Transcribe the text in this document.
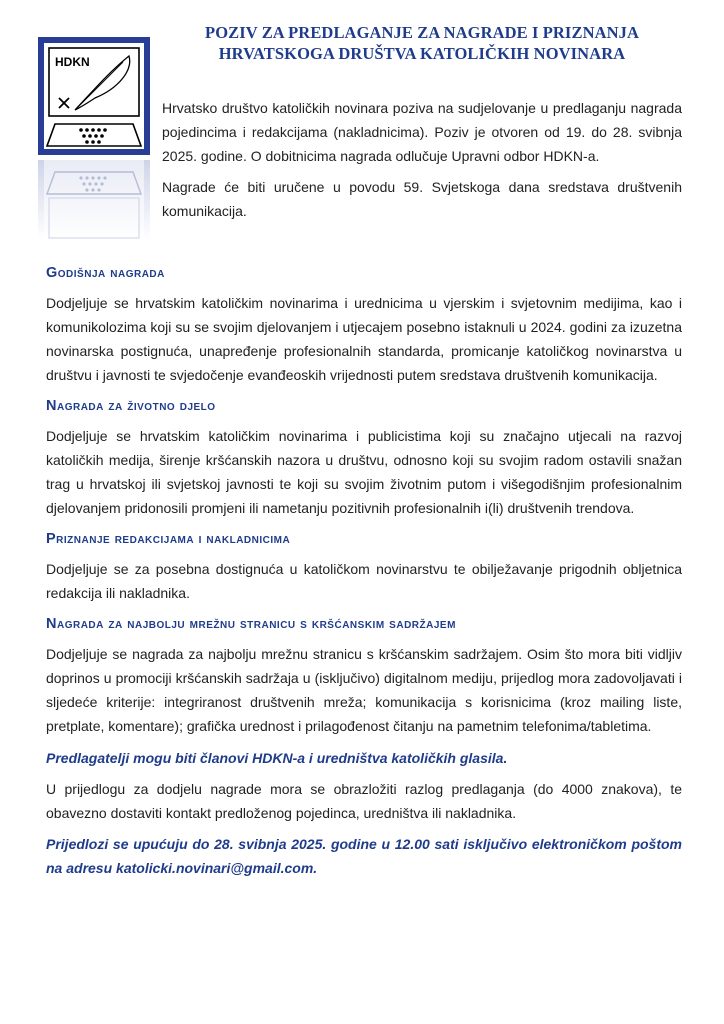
POZIV ZA PREDLAGANJE ZA NAGRADE I PRIZNANJA
HRVATSKOGA DRUŠTVA KATOLIČKIH NOVINARA
HDKN

Hrvatsko društvo katoličkih novinara poziva na sudjelovanje u predlaganju nagrada pojedincima i redakcijama (nakladnicima). Poziv je otvoren od 19. do 28. svibnja 2025. godine. O dobitnicima nagrada odlučuje Upravni odbor HDKN-a.

Nagrade će biti uručene u povodu 59. Svjetskoga dana sredstava društvenih komunikacija.

Godišnja nagrada

Dodjeljuje se hrvatskim katoličkim novinarima i urednicima u vjerskim i svjetovnim medijima, kao i komunikolozima koji su se svojim djelovanjem i utjecajem posebno istaknuli u 2024. godini za izuzetna novinarska postignuća, unapređenje profesionalnih standarda, promicanje katoličkog novinarstva u društvu i javnosti te svjedočenje evanđeoskih vrijednosti putem sredstava društvenih komunikacija.

Nagrada za životno djelo

Dodjeljuje se hrvatskim katoličkim novinarima i publicistima koji su značajno utjecali na razvoj katoličkih medija, širenje kršćanskih nazora u društvu, odnosno koji su svojim radom ostavili snažan trag u hrvatskoj ili svjetskoj javnosti te koji su svojim životnim putom i višegodišnjim profesionalnim djelovanjem pridonosili promjeni ili nametanju pozitivnih profesionalnih i(li) društvenih trendova.

Priznanje redakcijama i nakladnicima

Dodjeljuje se za posebna dostignuća u katoličkom novinarstvu te obilježavanje prigodnih obljetnica redakcija ili nakladnika.

Nagrada za najbolju mrežnu stranicu s kršćanskim sadržajem

Dodjeljuje se nagrada za najbolju mrežnu stranicu s kršćanskim sadržajem. Osim što mora biti vidljiv doprinos u promociji kršćanskih sadržaja u (isključivo) digitalnom mediju, prijedlog mora zadovoljavati i sljedeće kriterije: integriranost društvenih mreža; komunikacija s korisnicima (kroz mailing liste, pretplate, komentare); grafička urednost i prilagođenost čitanju na pametnim telefonima/tabletima.

Predlagatelji mogu biti članovi HDKN-a i uredništva katoličkih glasila.

U prijedlogu za dodjelu nagrade mora se obrazložiti razlog predlaganja (do 4000 znakova), te obavezno dostaviti kontakt predloženog pojedinca, uredništva ili nakladnika.

Prijedlozi se upućuju do 28. svibnja 2025. godine u 12.00 sati isključivo elektroničkom poštom na adresu katolicki.novinari@gmail.com.
